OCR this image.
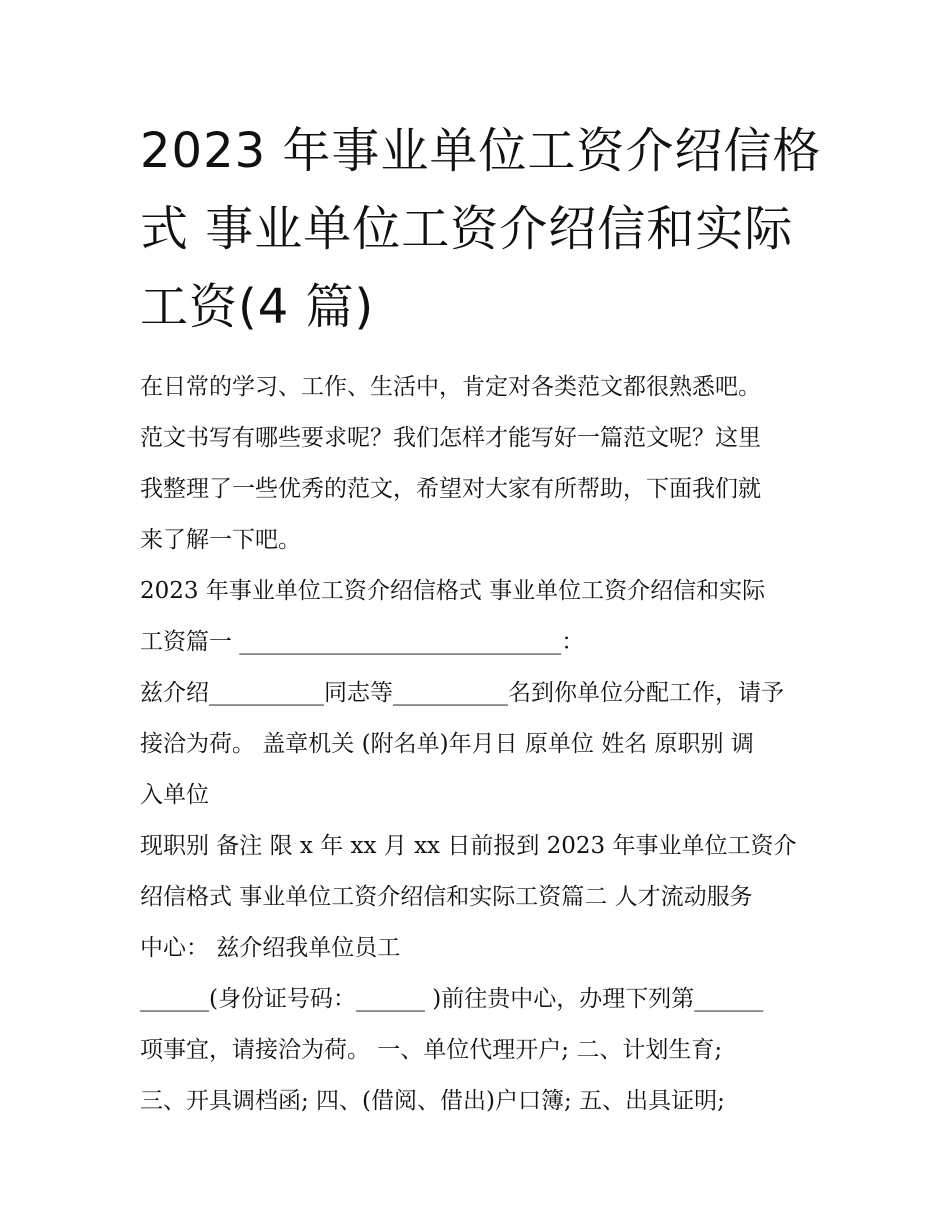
2023 年事业单位工资介绍信格
式 事业单位工资介绍信和实际
工资(4 篇)

在日常的学习、工作、生活中，肯定对各类范文都很熟悉吧。
范文书写有哪些要求呢？我们怎样才能写好一篇范文呢？这里
我整理了一些优秀的范文，希望对大家有所帮助，下面我们就
来了解一下吧。

2023 年事业单位工资介绍信格式 事业单位工资介绍信和实际
工资篇一 ____________________________：

兹介绍__________同志等__________名到你单位分配工作，请予
接洽为荷。 盖章机关 (附名单)年月日 原单位 姓名 原职别 调
入单位

现职别 备注 限 x 年 xx 月 xx 日前报到 2023 年事业单位工资介
绍信格式 事业单位工资介绍信和实际工资篇二 人才流动服务
中心： 兹介绍我单位员工

______(身份证号码：______ )前往贵中心，办理下列第______
项事宜，请接洽为荷。 一、单位代理开户; 二、计划生育;
三、开具调档函; 四、(借阅、借出)户口簿; 五、出具证明;
